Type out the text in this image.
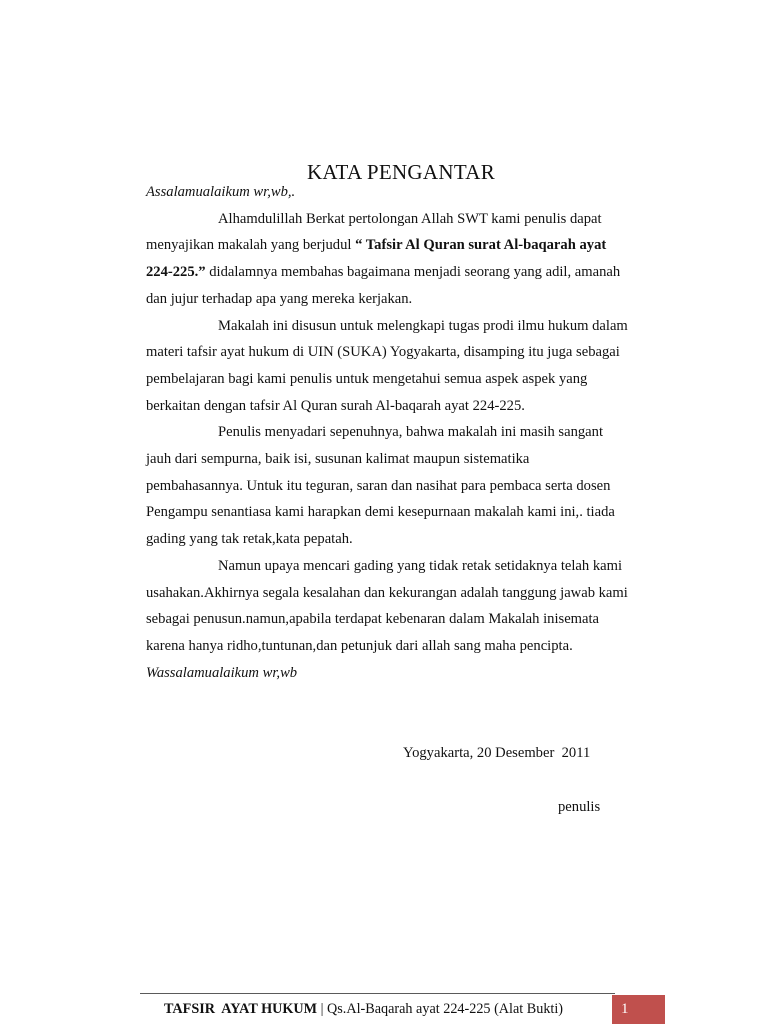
KATA PENGANTAR
Assalamualaikum wr,wb,.
Alhamdulillah Berkat pertolongan Allah SWT kami penulis dapat
menyajikan makalah yang berjudul “ Tafsir Al Quran surat Al-baqarah ayat
224-225.” didalamnya membahas bagaimana menjadi seorang yang adil, amanah
dan jujur terhadap apa yang mereka kerjakan.
Makalah ini disusun untuk melengkapi tugas prodi ilmu hukum dalam
materi tafsir ayat hukum di UIN (SUKA) Yogyakarta, disamping itu juga sebagai
pembelajaran bagi kami penulis untuk mengetahui semua aspek aspek yang
berkaitan dengan tafsir Al Quran surah Al-baqarah ayat 224-225.
Penulis menyadari sepenuhnya, bahwa makalah ini masih sangant
jauh dari sempurna, baik isi, susunan kalimat maupun sistematika
pembahasannya. Untuk itu teguran, saran dan nasihat para pembaca serta dosen
Pengampu senantiasa kami harapkan demi kesepurnaan makalah kami ini,. tiada
gading yang tak retak,kata pepatah.
Namun upaya mencari gading yang tidak retak setidaknya telah kami
usahakan.Akhirnya segala kesalahan dan kekurangan adalah tanggung jawab kami
sebagai penusun.namun,apabila terdapat kebenaran dalam Makalah inisemata
karena hanya ridho,tuntunan,dan petunjuk dari allah sang maha pencipta.
Wassalamualaikum wr,wb
Yogyakarta, 20 Desember  2011
penulis
TAFSIR  AYAT HUKUM | Qs.Al-Baqarah ayat 224-225 (Alat Bukti)	1
